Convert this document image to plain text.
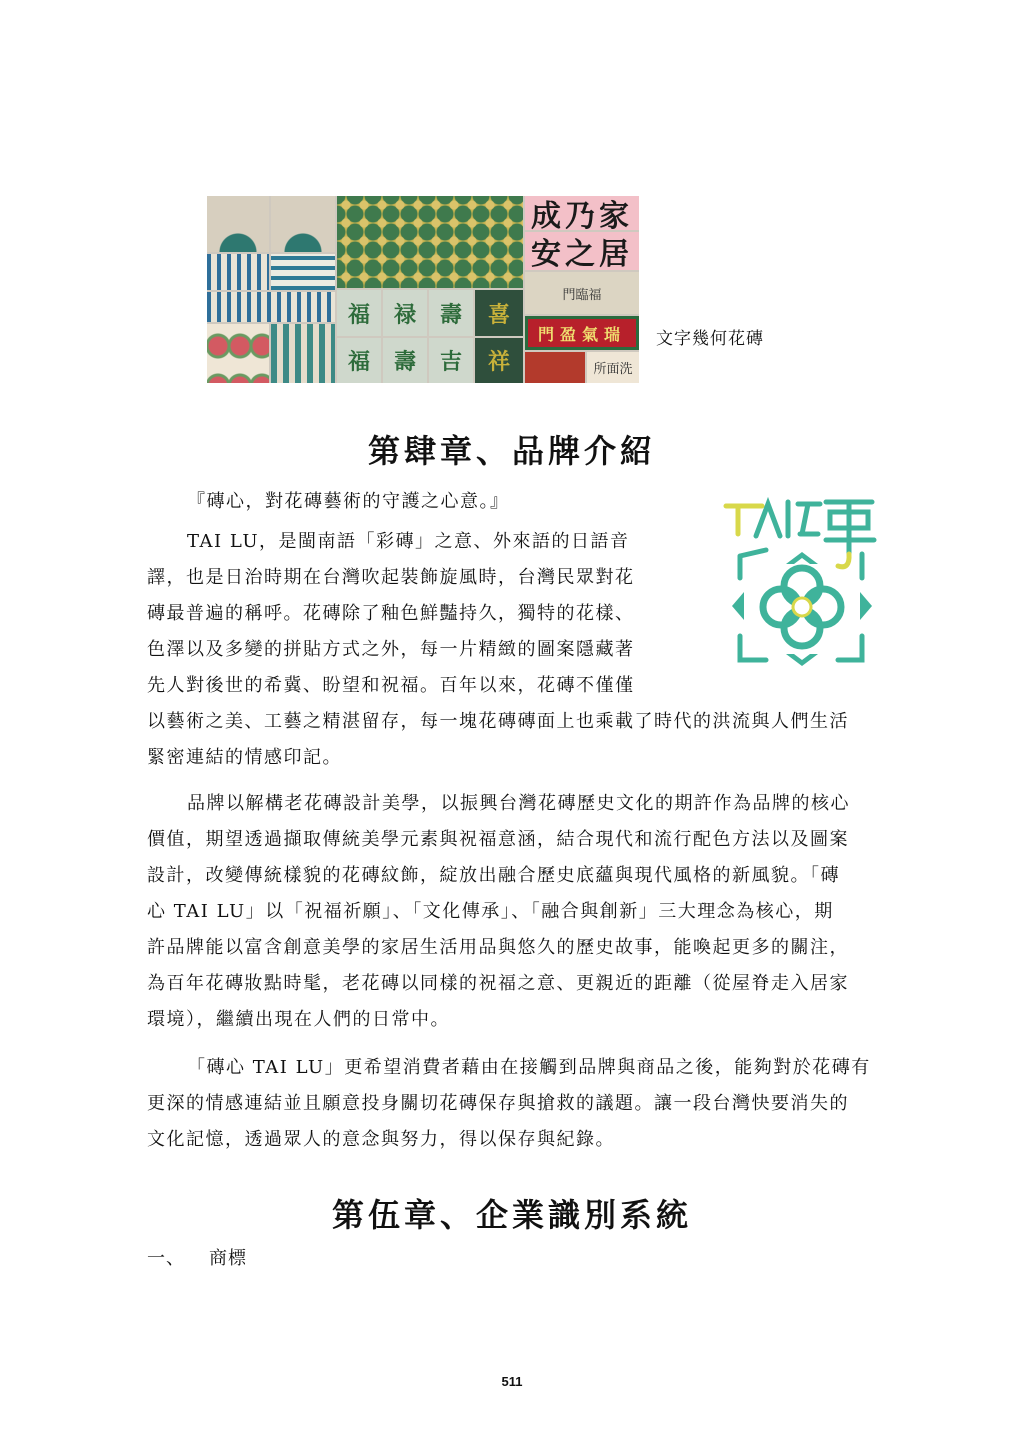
福	禄	壽	喜
福	壽	吉	祥
成乃家
安之居
門臨福
門盈氣瑞
所面洗
文字幾何花磚
第肆章、品牌介紹

『磚心，對花磚藝術的守護之心意。』

TAI LU，是閩南語「彩磚」之意、外來語的日語音
譯，也是日治時期在台灣吹起裝飾旋風時，台灣民眾對花
磚最普遍的稱呼。花磚除了釉色鮮豔持久，獨特的花樣、
色澤以及多變的拼貼方式之外，每一片精緻的圖案隱藏著
先人對後世的希冀、盼望和祝福。百年以來，花磚不僅僅
以藝術之美、工藝之精湛留存，每一塊花磚磚面上也乘載了時代的洪流與人們生活
緊密連結的情感印記。

品牌以解構老花磚設計美學，以振興台灣花磚歷史文化的期許作為品牌的核心
價值，期望透過擷取傳統美學元素與祝福意涵，結合現代和流行配色方法以及圖案
設計，改變傳統樣貌的花磚紋飾，綻放出融合歷史底蘊與現代風格的新風貌。「磚
心 TAI LU」以「祝福祈願」、「文化傳承」、「融合與創新」三大理念為核心，期
許品牌能以富含創意美學的家居生活用品與悠久的歷史故事，能喚起更多的關注，
為百年花磚妝點時髦，老花磚以同樣的祝福之意、更親近的距離（從屋脊走入居家
環境），繼續出現在人們的日常中。

「磚心 TAI LU」更希望消費者藉由在接觸到品牌與商品之後，能夠對於花磚有
更深的情感連結並且願意投身關切花磚保存與搶救的議題。讓一段台灣快要消失的
文化記憶，透過眾人的意念與努力，得以保存與紀錄。

第伍章、企業識別系統
一、 商標
511
